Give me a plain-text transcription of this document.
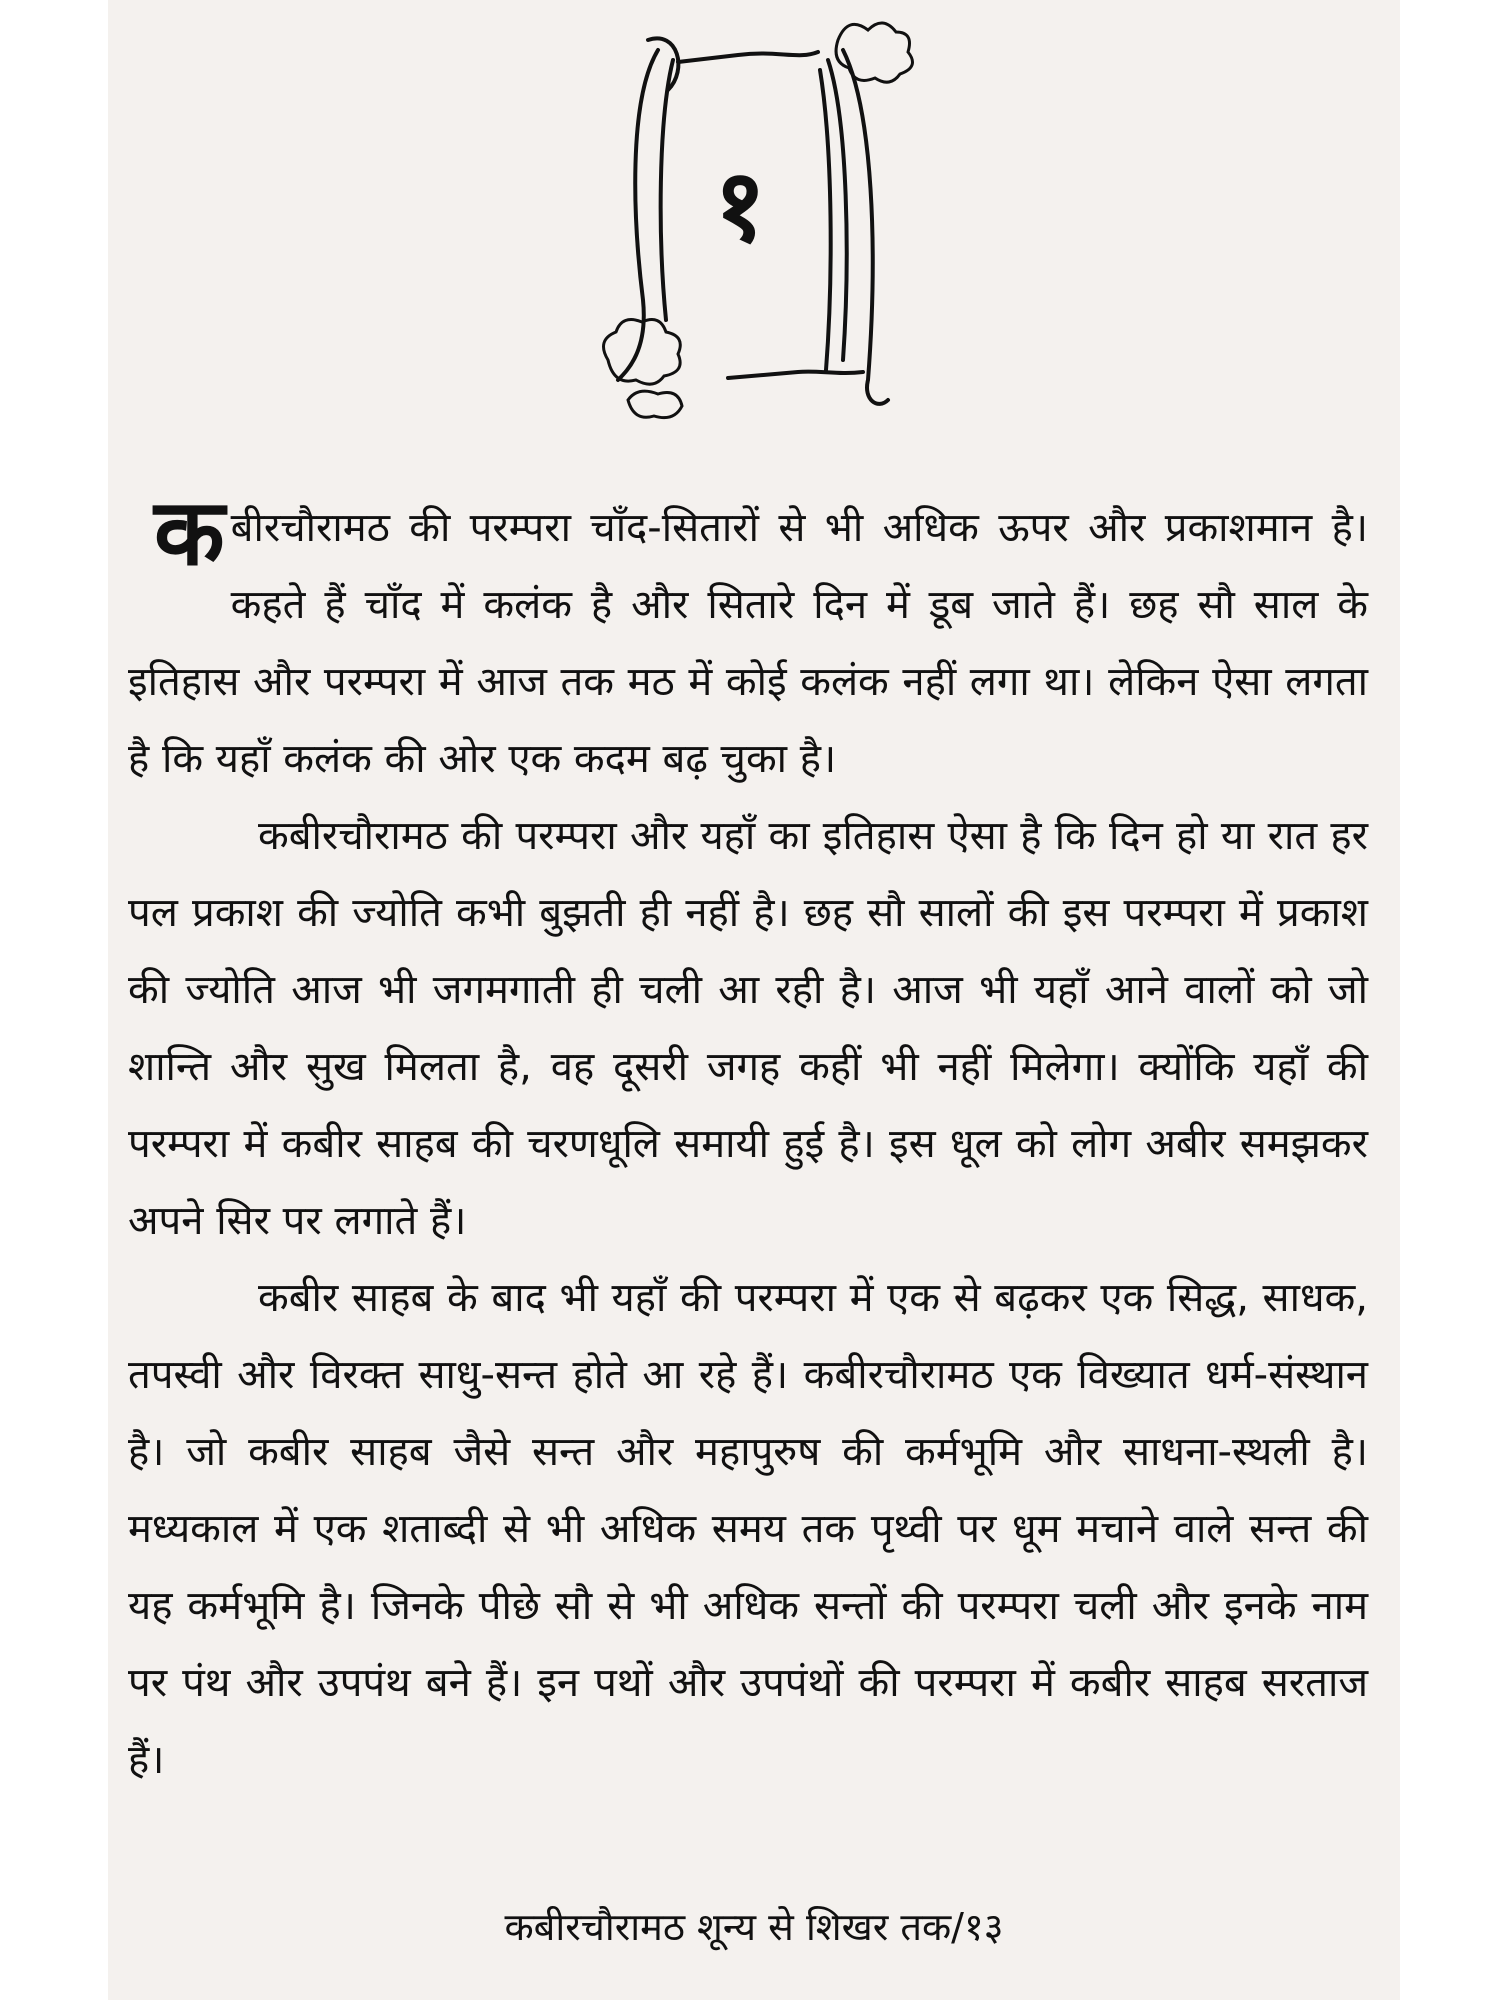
१

क बीरचौरामठ की परम्परा चाँद-सितारों से भी अधिक ऊपर और प्रकाशमान है। कहते हैं चाँद में कलंक है और सितारे दिन में डूब जाते हैं। छह सौ साल के इतिहास और परम्परा में आज तक मठ में कोई कलंक नहीं लगा था। लेकिन ऐसा लगता है कि यहाँ कलंक की ओर एक कदम बढ़ चुका है।

कबीरचौरामठ की परम्परा और यहाँ का इतिहास ऐसा है कि दिन हो या रात हर पल प्रकाश की ज्योति कभी बुझती ही नहीं है। छह सौ सालों की इस परम्परा में प्रकाश की ज्योति आज भी जगमगाती ही चली आ रही है। आज भी यहाँ आने वालों को जो शान्ति और सुख मिलता है, वह दूसरी जगह कहीं भी नहीं मिलेगा। क्योंकि यहाँ की परम्परा में कबीर साहब की चरणधूलि समायी हुई है। इस धूल को लोग अबीर समझकर अपने सिर पर लगाते हैं।

कबीर साहब के बाद भी यहाँ की परम्परा में एक से बढ़कर एक सिद्ध, साधक, तपस्वी और विरक्त साधु-सन्त होते आ रहे हैं। कबीरचौरामठ एक विख्यात धर्म-संस्थान है। जो कबीर साहब जैसे सन्त और महापुरुष की कर्मभूमि और साधना-स्थली है। मध्यकाल में एक शताब्दी से भी अधिक समय तक पृथ्वी पर धूम मचाने वाले सन्त की यह कर्मभूमि है। जिनके पीछे सौ से भी अधिक सन्तों की परम्परा चली और इनके नाम पर पंथ और उपपंथ बने हैं। इन पथों और उपपंथों की परम्परा में कबीर साहब सरताज हैं।

कबीरचौरामठ शून्य से शिखर तक/१३
